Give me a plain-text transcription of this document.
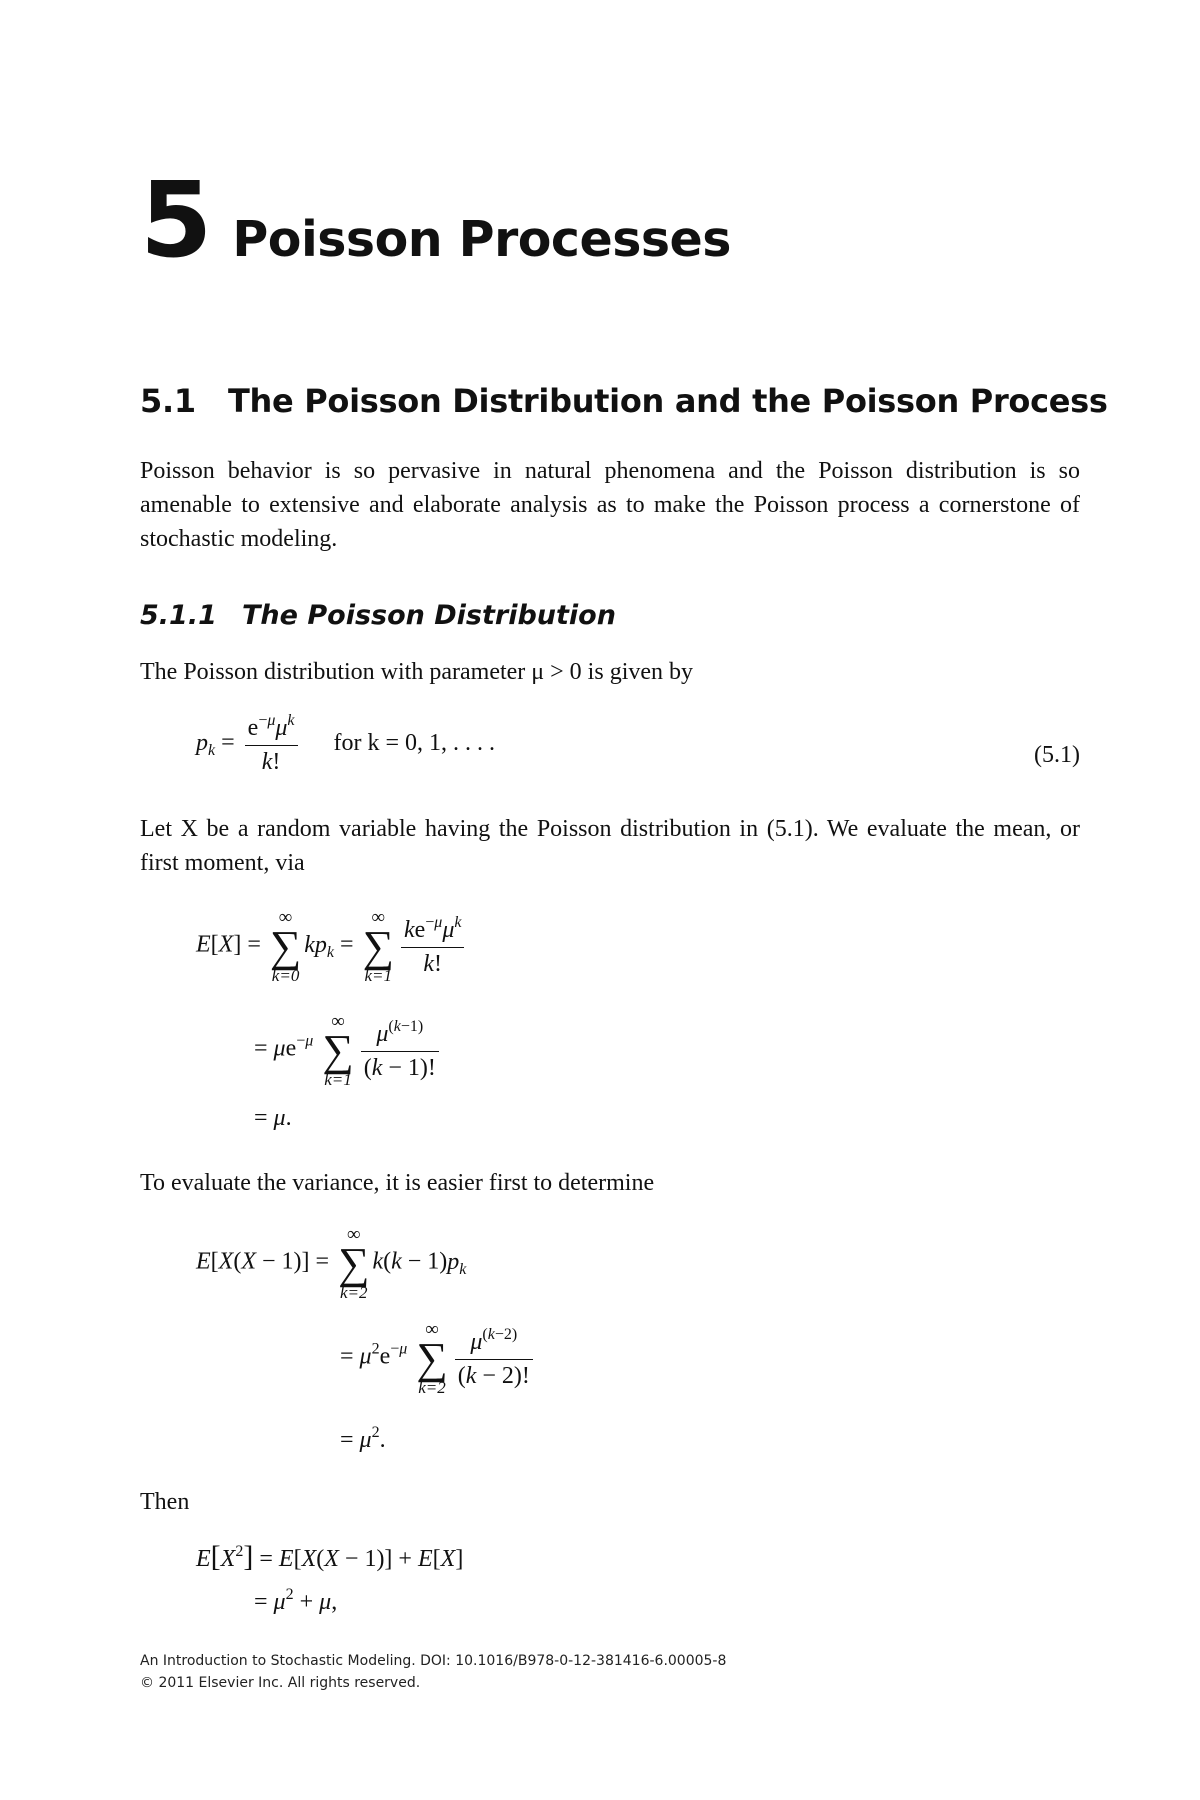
5 Poisson Processes
5.1 The Poisson Distribution and the Poisson Process
Poisson behavior is so pervasive in natural phenomena and the Poisson distribution is so amenable to extensive and elaborate analysis as to make the Poisson process a cornerstone of stochastic modeling.
5.1.1 The Poisson Distribution
The Poisson distribution with parameter μ > 0 is given by
$p_k = \frac{e^{-\mu}\mu^k}{k!}$ for k = 0, 1, . . . .	(5.1)
Let X be a random variable having the Poisson distribution in (5.1). We evaluate the mean, or first moment, via
E[X] =
∞
∑
k=0
$kp_k$ =
∞
∑
$k=1 \frac{ke^{-\mu}\mu^k}{k!}$
= $\mu e^{-\mu}$
∞
∑
$k=1 \frac{\mu^{(k-1)}}{(k - 1)!}$
= μ.
To evaluate the variance, it is easier first to determine
E[X(X − 1)] =
∞
∑
k=2
$k(k - 1)p_k$
= $\mu^2e^{-\mu}$
∞
∑
$k=2 \frac{\mu^{(k-2)}}{(k - 2)!}$
= $\mu^2$.
Then
$E[X^2] = E[X(X - 1)] + E[X]$
= $\mu^2 + \mu$,
An Introduction to Stochastic Modeling. DOI: 10.1016/B978-0-12-381416-6.00005-8
© 2011 Elsevier Inc. All rights reserved.
